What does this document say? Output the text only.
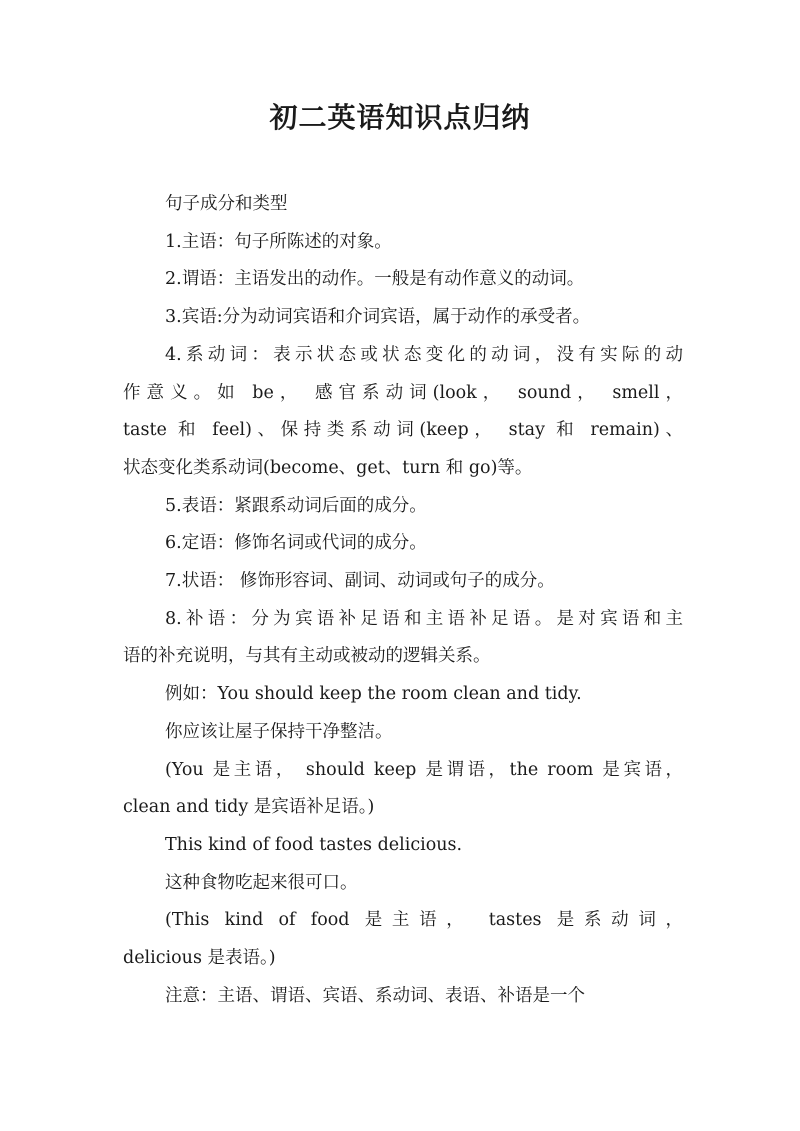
初二英语知识点归纳

句子成分和类型

1.主语：句子所陈述的对象。

2.谓语：主语发出的动作。一般是有动作意义的动词。

3.宾语:分为动词宾语和介词宾语，属于动作的承受者。

4.系动词：表示状态或状态变化的动词，没有实际的动

作意义。如 be， 感官系动词(look， sound， smell，

taste 和 feel)、保持类系动词(keep， stay 和 remain)、

状态变化类系动词(become、get、turn 和 go)等。

5.表语：紧跟系动词后面的成分。

6.定语：修饰名词或代词的成分。

7.状语： 修饰形容词、副词、动词或句子的成分。

8.补语：分为宾语补足语和主语补足语。是对宾语和主

语的补充说明，与其有主动或被动的逻辑关系。

例如：You should keep the room clean and tidy.

你应该让屋子保持干净整洁。

(You 是主语， should keep 是谓语，the room 是宾语，

clean and tidy 是宾语补足语。)

This kind of food tastes delicious.

这种食物吃起来很可口。

(This kind of food 是主语， tastes 是系动词，

delicious 是表语。)

注意：主语、谓语、宾语、系动词、表语、补语是一个
